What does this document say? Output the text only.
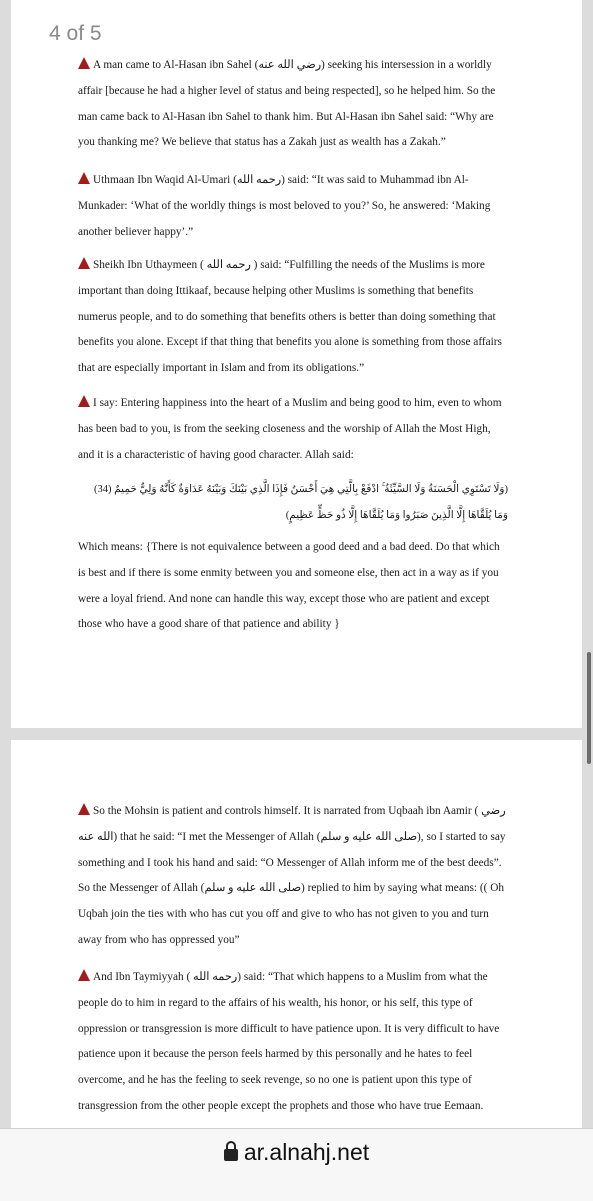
A man came to Al-Hasan ibn Sahel (رضي الله عنه) seeking his intersession in a worldly affair [because he had a higher level of status and being respected], so he helped him. So the man came back to Al-Hasan ibn Sahel to thank him. But Al-Hasan ibn Sahel said: “Why are you thanking me? We believe that status has a Zakah just as wealth has a Zakah.”

Uthmaan Ibn Waqid Al-Umari (رحمه الله) said: “It was said to Muhammad ibn Al-Munkader: ‘What of the worldly things is most beloved to you?’ So, he answered: ‘Making another believer happy’.”

Sheikh Ibn Uthaymeen ( رحمه الله ) said: “Fulfilling the needs of the Muslims is more important than doing Ittikaaf, because helping other Muslims is something that benefits numerus people, and to do something that benefits others is better than doing something that benefits you alone. Except if that thing that benefits you alone is something from those affairs that are especially important in Islam and from its obligations.”

I say: Entering happiness into the heart of a Muslim and being good to him, even to whom has been bad to you, is from the seeking closeness and the worship of Allah the Most High, and it is a characteristic of having good character. Allah said:

(وَلَا تَسْتَوِي الْحَسَنَةُ وَلَا السَّيِّئَةُ ۚ ادْفَعْ بِالَّتِي هِيَ أَحْسَنُ فَإِذَا الَّذِي بَيْنَكَ وَبَيْنَهُ عَدَاوَةٌ كَأَنَّهُ وَلِيٌّ حَمِيمٌ (34) وَمَا يُلَقَّاهَا إِلَّا الَّذِينَ صَبَرُوا وَمَا يُلَقَّاهَا إِلَّا ذُو حَظٍّ عَظِيمٍ)

Which means: {There is not equivalence between a good deed and a bad deed. Do that which is best and if there is some enmity between you and someone else, then act in a way as if you were a loyal friend. And none can handle this way, except those who are patient and except those who have a good share of that patience and ability }

So the Mohsin is patient and controls himself. It is narrated from Uqbaah ibn Aamir ( رضي الله عنه) that he said: “I met the Messenger of Allah (صلى الله عليه و سلم), so I started to say something and I took his hand and said: “O Messenger of Allah inform me of the best deeds”. So the Messenger of Allah (صلى الله عليه و سلم) replied to him by saying what means: (( Oh Uqbah join the ties with who has cut you off and give to who has not given to you and turn away from who has oppressed you”

And Ibn Taymiyyah ( رحمه الله) said: “That which happens to a Muslim from what the people do to him in regard to the affairs of his wealth, his honor, or his self, this type of oppression or transgression is more difficult to have patience upon. It is very difficult to have patience upon it because the person feels harmed by this personally and he hates to feel overcome, and he has the feeling to seek revenge, so no one is patient upon this type of transgression from the other people except the prophets and those who have true Eemaan.

4 of 5
ar.alnahj.net
